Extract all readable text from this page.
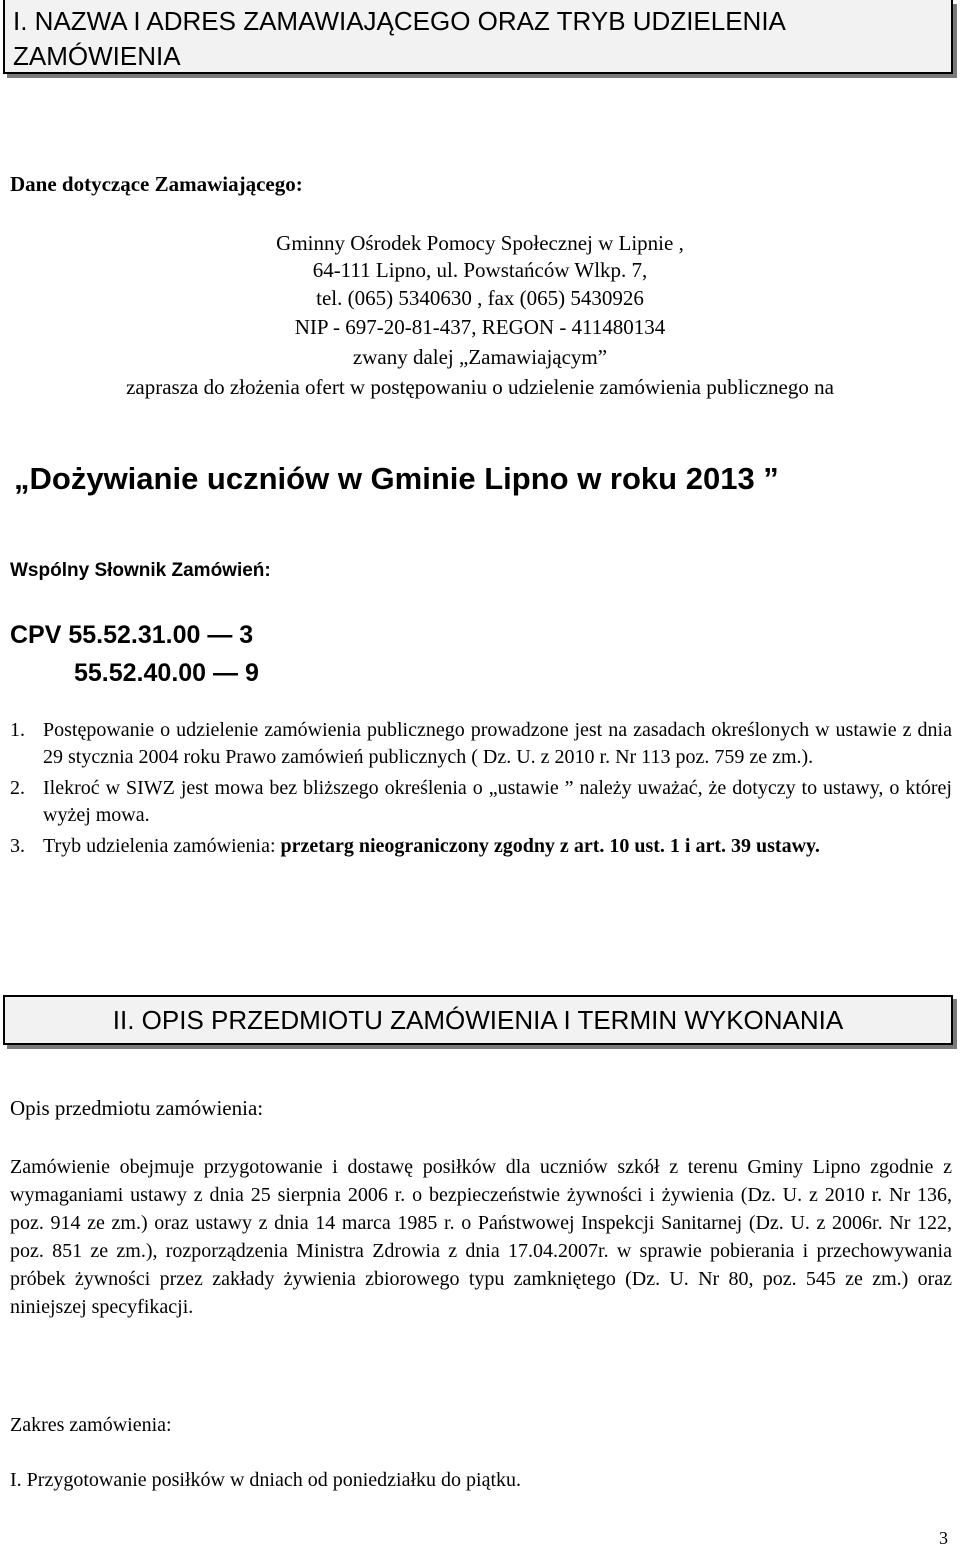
I. NAZWA I ADRES ZAMAWIAJĄCEGO ORAZ TRYB UDZIELENIA ZAMÓWIENIA
Dane dotyczące Zamawiającego:
Gminny Ośrodek Pomocy Społecznej w Lipnie ,
64-111 Lipno, ul. Powstańców Wlkp. 7,
tel. (065) 5340630 , fax (065) 5430926
NIP - 697-20-81-437, REGON - 411480134
zwany dalej „Zamawiającym”
zaprasza do złożenia ofert w postępowaniu o udzielenie zamówienia publicznego na
„Dożywianie uczniów w Gminie Lipno w roku 2013 ”
Wspólny Słownik Zamówień:
CPV 55.52.31.00 — 3
55.52.40.00 — 9
1. Postępowanie o udzielenie zamówienia publicznego prowadzone jest na zasadach określonych w ustawie z dnia 29 stycznia 2004 roku Prawo zamówień publicznych ( Dz. U. z 2010 r. Nr 113 poz. 759 ze zm.).
2. Ilekroć w SIWZ jest mowa bez bliższego określenia o „ustawie ” należy uważać, że dotyczy to ustawy, o której wyżej mowa.
3. Tryb udzielenia zamówienia: przetarg nieograniczony zgodny z art. 10 ust. 1 i art. 39 ustawy.
II. OPIS PRZEDMIOTU ZAMÓWIENIA I TERMIN WYKONANIA
Opis przedmiotu zamówienia:
Zamówienie obejmuje przygotowanie i dostawę posiłków dla uczniów szkół z terenu Gminy Lipno zgodnie z wymaganiami ustawy z dnia 25 sierpnia 2006 r. o bezpieczeństwie żywności i żywienia (Dz. U. z 2010 r. Nr 136, poz. 914 ze zm.) oraz ustawy z dnia 14 marca 1985 r. o Państwowej Inspekcji Sanitarnej (Dz. U. z 2006r. Nr 122, poz. 851 ze zm.), rozporządzenia Ministra Zdrowia z dnia 17.04.2007r. w sprawie pobierania i przechowywania próbek żywności przez zakłady żywienia zbiorowego typu zamkniętego (Dz. U. Nr 80, poz. 545 ze zm.) oraz niniejszej specyfikacji.
Zakres zamówienia:
I. Przygotowanie posiłków w dniach od poniedziałku do piątku.
3
